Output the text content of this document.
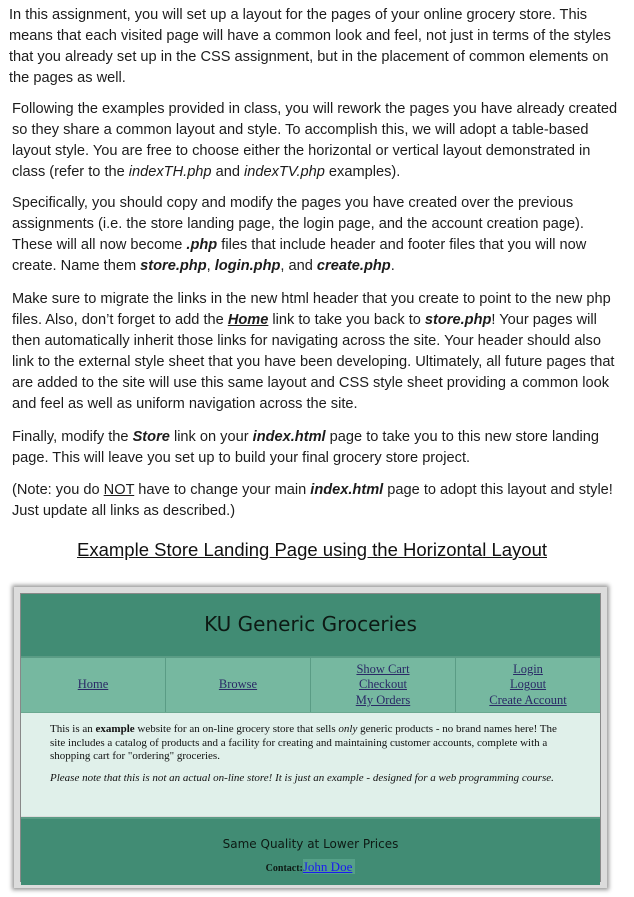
In this assignment, you will set up a layout for the pages of your online grocery store. This means that each visited page will have a common look and feel, not just in terms of the styles that you already set up in the CSS assignment, but in the placement of common elements on the pages as well.

Following the examples provided in class, you will rework the pages you have already created so they share a common layout and style. To accomplish this, we will adopt a table-based layout style. You are free to choose either the horizontal or vertical layout demonstrated in class (refer to the indexTH.php and indexTV.php examples).

Specifically, you should copy and modify the pages you have created over the previous assignments (i.e. the store landing page, the login page, and the account creation page). These will all now become .php files that include header and footer files that you will now create. Name them store.php, login.php, and create.php.

Make sure to migrate the links in the new html header that you create to point to the new php files. Also, don’t forget to add the Home link to take you back to store.php! Your pages will then automatically inherit those links for navigating across the site. Your header should also link to the external style sheet that you have been developing. Ultimately, all future pages that are added to the site will use this same layout and CSS style sheet providing a common look and feel as well as uniform navigation across the site.

Finally, modify the Store link on your index.html page to take you to this new store landing page. This will leave you set up to build your final grocery store project.

(Note: you do NOT have to change your main index.html page to adopt this layout and style! Just update all links as described.)

Example Store Landing Page using the Horizontal Layout
KU Generic Groceries
Home	Browse
Show Cart
Checkout
My Orders
Login
Logout
Create Account

This is an example website for an on-line grocery store that sells only generic products - no brand names here! The site includes a catalog of products and a facility for creating and maintaining customer accounts, complete with a shopping cart for "ordering" groceries.

Please note that this is not an actual on-line store! It is just an example - designed for a web programming course.

Same Quality at Lower Prices
Contact:John Doe
